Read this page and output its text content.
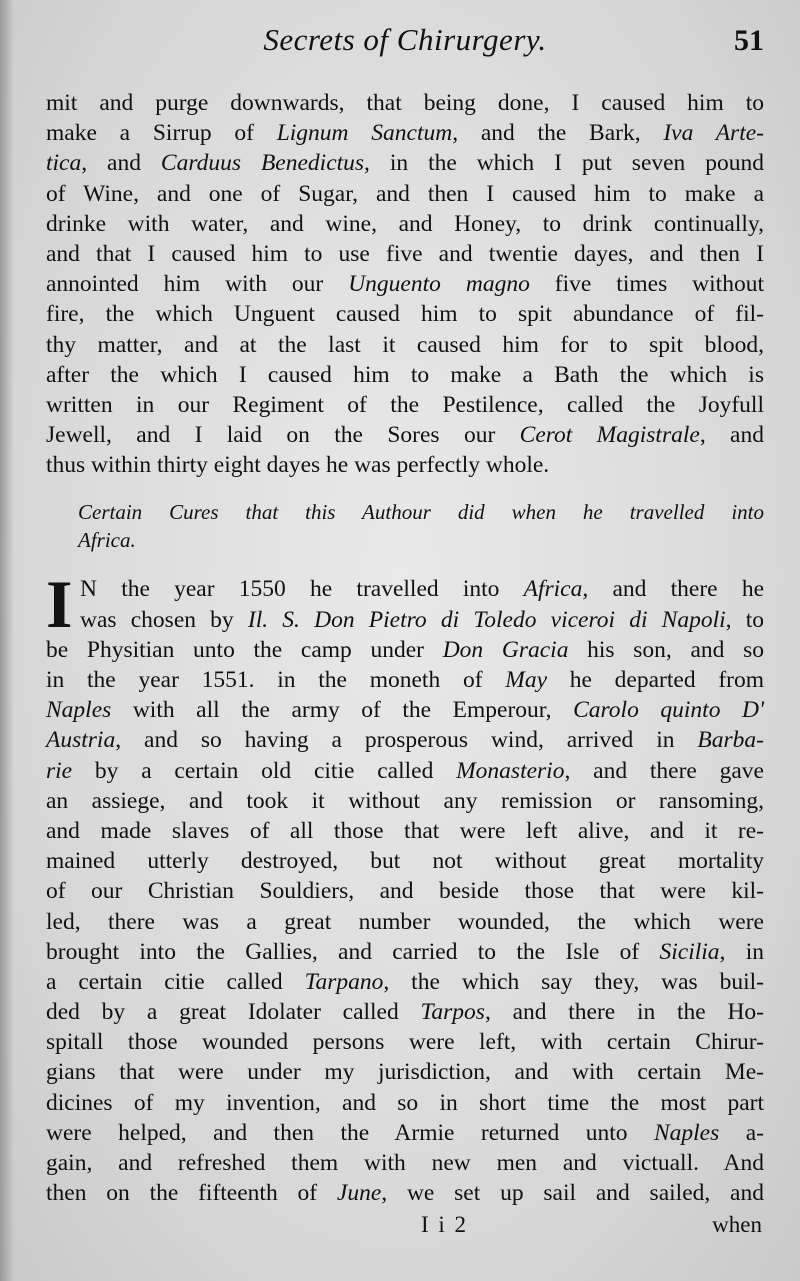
Secrets of Chirurgery.	51
mit and purge downwards, that being done, I caused him to
make a Sirrup of Lignum Sanctum, and the Bark, Iva Arte-
tica, and Carduus Benedictus, in the which I put seven pound
of Wine, and one of Sugar, and then I caused him to make a
drinke with water, and wine, and Honey, to drink continually,
and that I caused him to use five and twentie dayes, and then I
annointed him with our Unguento magno five times without
fire, the which Unguent caused him to spit abundance of fil-
thy matter, and at the last it caused him for to spit blood,
after the which I caused him to make a Bath the which is
written in our Regiment of the Pestilence, called the Joyfull
Jewell, and I laid on the Sores our Cerot Magistrale, and
thus within thirty eight dayes he was perfectly whole.
Certain Cures that this Authour did when he travelled into
Africa.
I N the year 1550 he travelled into Africa, and there he
was chosen by Il. S. Don Pietro di Toledo viceroi di Napoli, to
be Physitian unto the camp under Don Gracia his son, and so
in the year 1551. in the moneth of May he departed from
Naples with all the army of the Emperour, Carolo quinto D'
Austria, and so having a prosperous wind, arrived in Barba-
rie by a certain old citie called Monasterio, and there gave
an assiege, and took it without any remission or ransoming,
and made slaves of all those that were left alive, and it re-
mained utterly destroyed, but not without great mortality
of our Christian Souldiers, and beside those that were kil-
led, there was a great number wounded, the which were
brought into the Gallies, and carried to the Isle of Sicilia, in
a certain citie called Tarpano, the which say they, was buil-
ded by a great Idolater called Tarpos, and there in the Ho-
spitall those wounded persons were left, with certain Chirur-
gians that were under my jurisdiction, and with certain Me-
dicines of my invention, and so in short time the most part
were helped, and then the Armie returned unto Naples a-
gain, and refreshed them with new men and victuall. And
then on the fifteenth of June, we set up sail and sailed, and
I i 2	when
